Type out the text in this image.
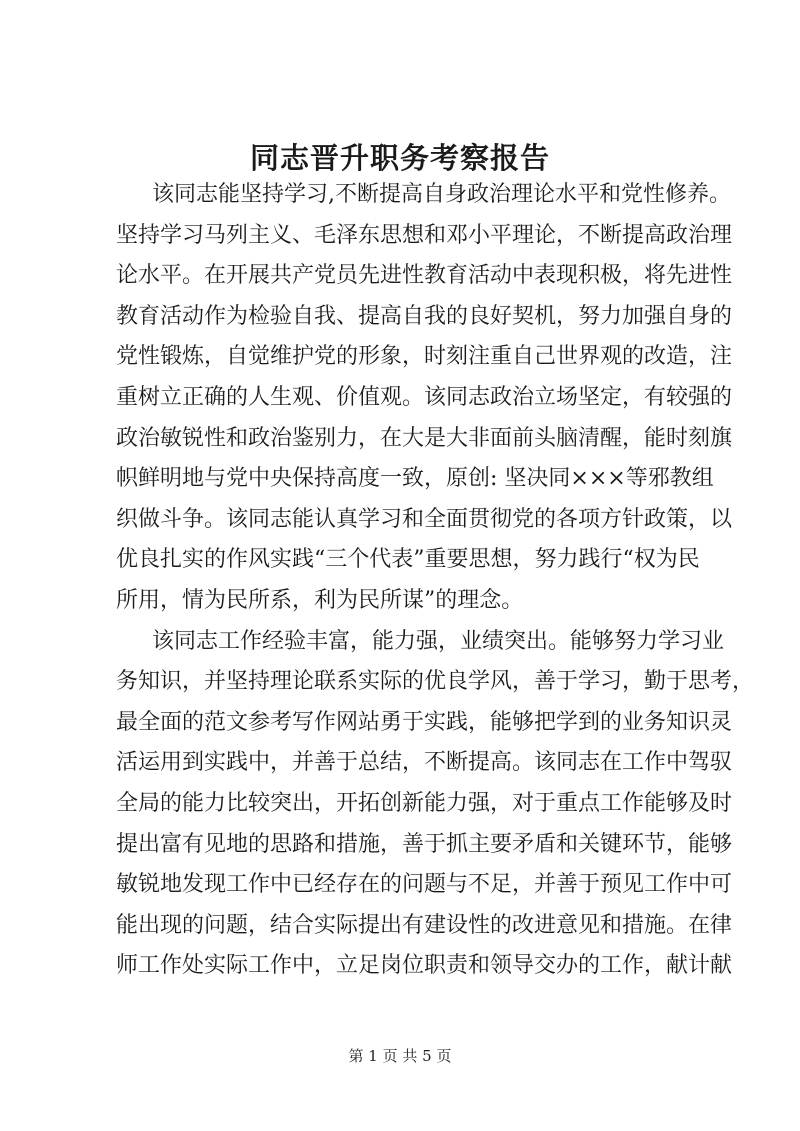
同志晋升职务考察报告
该同志能坚持学习,不断提高自身政治理论水平和党性修养。
坚持学习马列主义、毛泽东思想和邓小平理论，不断提高政治理
论水平。在开展共产党员先进性教育活动中表现积极，将先进性
教育活动作为检验自我、提高自我的良好契机，努力加强自身的
党性锻炼，自觉维护党的形象，时刻注重自己世界观的改造，注
重树立正确的人生观、价值观。该同志政治立场坚定，有较强的
政治敏锐性和政治鉴别力，在大是大非面前头脑清醒，能时刻旗
帜鲜明地与党中央保持高度一致，原创: 坚决同×××等邪教组
织做斗争。该同志能认真学习和全面贯彻党的各项方针政策，以
优良扎实的作风实践“三个代表”重要思想，努力践行“权为民
所用，情为民所系，利为民所谋”的理念。
该同志工作经验丰富，能力强，业绩突出。能够努力学习业
务知识，并坚持理论联系实际的优良学风，善于学习，勤于思考，
最全面的范文参考写作网站勇于实践，能够把学到的业务知识灵
活运用到实践中，并善于总结，不断提高。该同志在工作中驾驭
全局的能力比较突出，开拓创新能力强，对于重点工作能够及时
提出富有见地的思路和措施，善于抓主要矛盾和关键环节，能够
敏锐地发现工作中已经存在的问题与不足，并善于预见工作中可
能出现的问题，结合实际提出有建设性的改进意见和措施。在律
师工作处实际工作中，立足岗位职责和领导交办的工作，献计献
第 1 页 共 5 页
